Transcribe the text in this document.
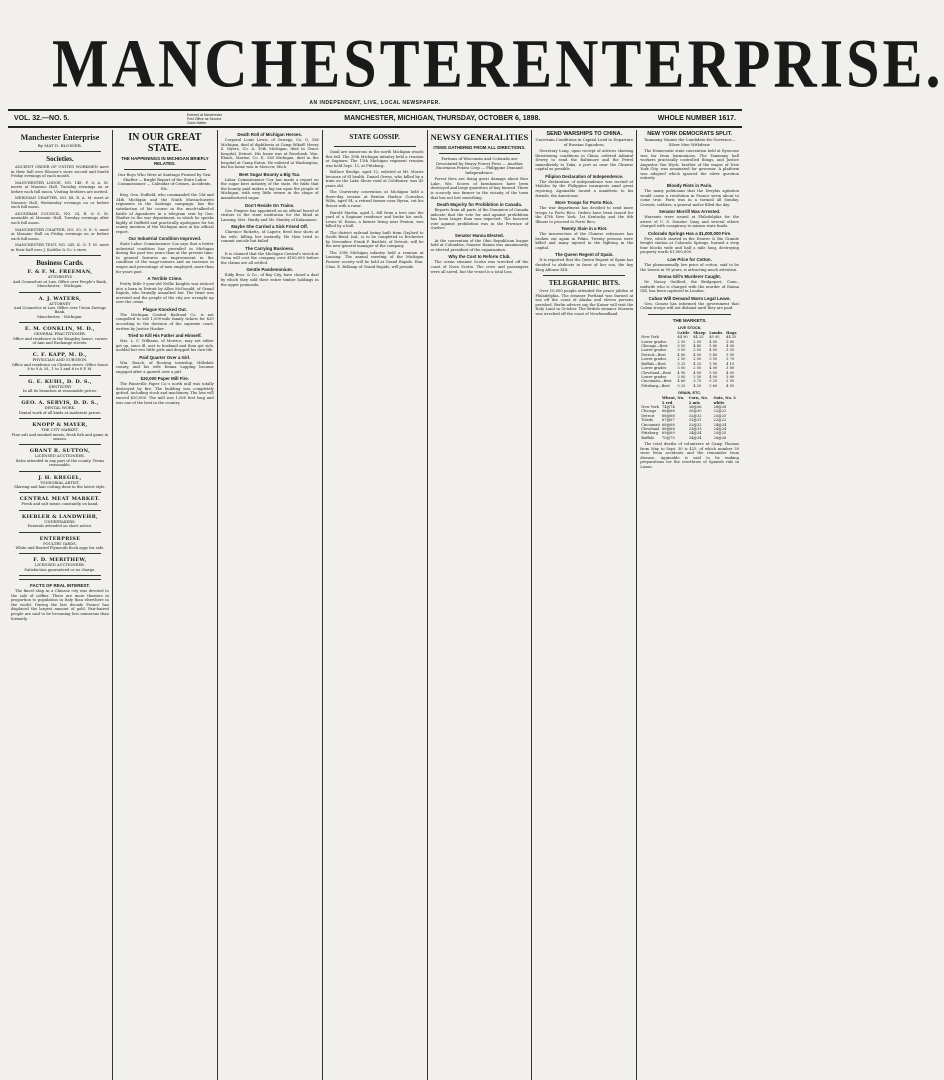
MANCHESTER ENTERPRISE.
AN INDEPENDENT, LIVE, LOCAL NEWSPAPER.
VOL. 32.—NO. 5.
Entered at Manchester Post Office as Second Class Matter.
MANCHESTER, MICHIGAN, THURSDAY, OCTOBER 6, 1898.	WHOLE NUMBER 1617.
Manchester Enterprise
By MAT D. BLOSSER.
Societies.

ANCIENT ORDER OF UNITED WORKMEN meet in their hall over Blosser's store second and fourth Friday evenings of each month.

MANCHESTER LODGE, NO. 148, F. & A. M. meets at Masonic Hall, Tuesday evenings on or before each full moon. Visiting brothers are invited.

MERIDIAN CHAPTER, NO. 48, R. A. M. meet at Masonic Hall, Wednesday evenings on or before each full moon.

ADONIRAM COUNCIL, NO. 24, R. & S. M. assemble at Masonic Hall, Tuesday evenings after each full moon.

MANCHESTER CHAPTER, NO. 50, O. E. S. meet at Masonic Hall on Friday evenings on or before each full moon.

MANCHESTER TENT, NO. 249, K. O. T. M. meet in their hall over J. Koebbe & Co.'s store.

Business Cards.
F. & F. M. FREEMAN,
ATTORNEYS
And Counselors at Law. Office over People's Bank,
Manchester, - Michigan.
A. J. WATERS,
ATTORNEY
And Counselor at Law. Office over Union Savings Bank,
Manchester, - Michigan.
E. M. CONKLIN, M. D.,
GENERAL PRACTITIONER.
Office and residence in the Kingsley house, corner of Ann and Exchange streets.
C. F. KAPP, M. D.,
PHYSICIAN AND SURGEON.
Office and residence on Clinton street. Office hours 8 to 9 A. M., 1 to 3 and 6 to 8 P. M.
G. E. KUHL, D. D. S.,
DENTISTRY
In all its branches at reasonable prices.
GEO. A. SERVIS, D. D. S.,
DENTAL WORK.
Dental work of all kinds at moderate prices.
KNOPP & MAYER,
THE CITY MARKET.
Fine salt and smoked meats, fresh fish and game in season.
GRANT R. SUTTON,
LICENSED AUCTIONEER.
Sales attended in any part of the county. Terms reasonable.
J. H. KREGEL,
TONSORIAL ARTIST.
Shaving and hair cutting done in the latest style.
CENTRAL MEAT MARKET.
Fresh and salt meats constantly on hand.
KIEBLER & LANDWEHR,
UNDERTAKERS.
Funerals attended on short notice.
ENTERPRISE
POULTRY YARDS.
White and Barred Plymouth Rock eggs for sale.
F. D. MERITHEW,
LICENSED AUCTIONEER.
Satisfaction guaranteed or no charge.
FACTS OF REAL INTEREST.

The finest shop in a Chinese city was devoted to the sale of coffins. There are more theaters in proportion to population in Italy than elsewhere in the world. During the last decade France has displaced the largest amount of gold. Fair-haired people are said to be becoming less numerous than formerly.

IN OUR GREAT STATE.
THE HAPPENINGS IN MICHIGAN BRIEFLY RELATED.

Our Boys Who Were at Santiago Praised by Gen. Shafter — Bright Report of the State Labor Commissioner — Calendar of Crimes, Accidents, Etc.

Brig. Gen. Duffield, who commanded the 33d and 34th Michigan and the Ninth Massachusetts regiments in the Santiago campaign, has the satisfaction of his course in the much-talked-of battle of Aguadores in a telegram sent by Gen. Shafter to the war department, in which he speaks highly of Duffield and practically apologizes for his scanty mention of the Michigan men in his official report.

Our Industrial Condition Improved.

State Labor Commissioner Cox says that a better industrial condition has prevailed in Michigan during the past two years than at the present time. In general features an improvement in the condition of the wage-earners and an increase in wages and percentage of men employed, more than for years past.

A Terrible Crime.

Pretty little 5-year-old Nellie Knights was enticed into a barn in Detroit by Allen McDonald, of Grand Rapids, who brutally assaulted her. The fiend was arrested and the people of the city are wrought up over the crime.

Plague Knocked Out.

The Michigan Central Railroad Co. is not compelled to sell 1,000-mile family tickets for $20 according to the decision of the supreme court, written by Justice Hooker.

Tried to Kill His Father and Himself.

Mrs. L. C. Williams, of Morrice, may not either get up, since ill, met to husband and then got sick, nodded her two little girls and dropped his own life.

Paid Quarter Over a Girl.

Wm. Roach, of Rooting township, Hillsdale county, and his wife Emma Lapping became engaged after a quarrel over a girl.

$20,000 Paper Mill Fire.

The Paineville Paper Co.'s north mill was totally destroyed by fire. The building was completely gutted, including stock and machinery. The loss will exceed $20,000. The mill was 1,000 feet long and was one of the best in the country.

Death Roll of Michigan Heroes.

Corporal Louis Lewis, of Oswego, Co. G, 33d Michigan, died of diphtheria at Camp Wikoff. Henry S. Myers, Co. A, 35th Michigan, died in Grace hospital, Detroit. His home was at Rosebush. Wm. Ebach, Marine, Co. E, 33d Michigan, died in the hospital at Camp Eaton. He enlisted at Washington, but his home was in Moscow, Mich.

Beet Sugar Bounty a Big Tax.

Labor Commissioner Cox has made a report on the sugar beet industry of the state. He finds that the bounty paid makes a big tax upon the people of Michigan, with very little return in the shape of manufactured sugar.

Don't Reside On Trains.

Gov. Pingree has appointed as an official board of visitors to the state institution for the blind at Lansing, Mrs. Hardy and Mr. Stanley of Kalamazoo.

Maybe She Carried a Sick Friend Off.

Clarence Ricketts, of Lapeer, fired four shots at his wife, killing her instantly. He then tried to commit suicide but failed.

The Carrying Business.

It is claimed that the Michigan Central's wreck at Orion will cost the company over $100,000 before the claims are all settled.

Gentle Pandemonium.

Eddy Bros. & Co., of Bay City, have closed a deal by which they sold their entire timber holdings in the upper peninsula.

STATE GOSSIP.

Quail are numerous in the north Michigan woods this fall. The 35th Michigan infantry held a reunion at Saginaw. The 11th Michigan regiment reunion was held Sept. 13, at Pittsburg.

Wallace Brodge, aged 12, enlisted at Mt. Morris because of ill health. Daniel Green, who killed by a train on the Lake Shore road at Coldwater, was 45 years old.

The University convention at Michigan held a three-day session at Benton Harbor. Cornelius Wilts, aged 94, a retired farmer near Byron, cut his throat with a razor.

Harold Martin, aged 5, fell from a tree into the yard of a Saginaw residence and broke his neck. Lewis W. Eaton, a farmer living near Fenton, was killed by a bull.

The district railroad being built from Gaylord to South Bend, Ind., is to be completed to Rochester by November. Frank P. Bartlett, of Detroit, will be the new general manager of the company.

The 35th Michigan infantry held a reunion at Lansing. The annual meeting of the Michigan Pioneer society will be held at Grand Rapids. Hon. Chas. E. Belknap of Grand Rapids, will preside.

NEWSY GENERALITIES
ITEMS GATHERED FROM ALL DIRECTIONS.

Portions of Wisconsin and Colorado are Devastated by Heavy Forest Fires — Another Enormous Potato Crop — Philippine Demand Independence.

Forest fires are doing great damage about Rice Lake, Wis. Scores of farmhouses have been destroyed and large quantities of hay burned. There is scarcely one farmer in the vicinity of the town that has not lost something.

Death Majority for Prohibition in Canada.

Reports from all parts of the Dominion of Canada indicate that the vote for and against prohibition has been larger than was expected. The heaviest vote against prohibition was in the Province of Quebec.

Senator Hanna Elected.

At the convention of the Ohio Republican league held at Columbus, Senator Hanna was unanimously re-elected president of the organization.

Why the Cost to Reform Club.

The ocean steamer Scotia was wrecked off the coast of Nova Scotia. The crew and passengers were all saved, but the vessel is a total loss.

SEND WARSHIPS TO CHINA.

Uncertain Conditions in Capital Lead to Departure of Russian Squadron.

Secretary Long, upon receipt of advices showing threatening conditions in China, ordered Admiral Dewey to send the Baltimore and the Petrel immediately to Taku, a port as near the Chinese capital as possible.

Filipino Declaration of Independence.

The declaration of independence was recited at Malolos by the Philippine insurgents amid great rejoicing. Aguinaldo issued a manifesto to his friends, the Americans.

More Troops for Porto Rico.

The war department has decided to send more troops to Porto Rico. Orders have been issued for the 47th New York, 1st Kentucky and the 6th Illinois to proceed to Porto Rico.

Twenty Slain in a Riot.

The insurrection of the Chinese reformers has broken out again in Pekin. Twenty persons were killed and many injured in the fighting in the capital.

The Queen Regent of Spain.

It is reported that the Queen Regent of Spain has decided to abdicate in favor of her son, the boy King Alfonso XIII.

TELEGRAPHIC BITS.

Over 10,000 people attended the peace jubilee at Philadelphia. The steamer Portland was burned at sea off the coast of Alaska and eleven persons perished. Berlin advices say the Kaiser will visit the Holy Land in October. The British steamer Moravia was wrecked off the coast of Newfoundland.

NEW YORK DEMOCRATS SPLIT.

Tammany Names the Candidate for Governor—Silver Men Withdraw.

The Democratic state convention held at Syracuse was far from harmonious. The Tammany hall workers practically controlled things, and Justice Augustus Van Wyck, brother of the mayor of New York City, was nominated for governor. A platform was adopted which ignored the silver question entirely.

Bloody Riots in Paris.

The many politicians that the Dreyfus agitation would cause a revolution in France seem about to come true. Paris was in a turmoil all Sunday. Crowds, soldiers, a general melee filled the day.

Senator Morrill Was Arrested.

Warrants were issued at Philadelphia for the arrest of U. S. Senator Quay and several others charged with conspiracy to misuse state funds.

Colorado Springs Has a $1,000,000 Fire.

Fire, which started in the Denver & Rio Grande freight station at Colorado Springs, burned a strip four blocks wide and half a mile long, destroying property worth $1,000,000.

Low Price for Cotton.

The phenomenally low price of cotton, said to be the lowest in 50 years, is attracting much attention.

Emma Gill's Murderer Caught.

Dr. Nancy Guilford, the Bridgeport, Conn., midwife who is charged with the murder of Emma Gill, has been captured in London.

Cuban Will Demand Warm Legal Leave.

Gen. Gomez has informed the government that Cuban troops will not disband until they are paid.

THE MARKETS.
LIVE STOCK.
	Cattle	Sheep	Lambs	Hogs
New York	$4 90	$4 25	$5 95	$4 25
Lower grades	2 50	2 50	4 00	3 80
Chicago—Best	5 50	4 40	5 80	4 00
Lower grades	3 50	2 50	4 00	3 55
Detroit—Best	4 80	4 00	5 40	3 95
Lower grades	2 50	2 50	3 50	3 70
Buffalo—Best	5 25	4 25	5 90	4 10
Lower grades	3 00	2 50	4 00	3 80
Cleveland—Best	4 90	4 00	5 50	4 00
Lower grades	3 00	2 50	4 00	3 80
Cincinnati—Best	4 60	3 75	5 25	3 95
Pittsburg—Best	5 25	4 20	5 60	4 05
GRAIN, ETC.
	Wheat, No. 2 red	Corn, No. 2 mix	Oats, No. 2 white
New York	74@74	36@36	28@28
Chicago	66@66	30@30	22@22
Detroit	68@68	32@32	25@25
Toledo	67@67	31@31	22@22
Cincinnati	68@68	32@32	24@24
Cleveland	68@68	33@33	24@24
Pittsburg	69@69	34@34	25@25
Buffalo	70@70	34@34	26@26

The total deaths of volunteers at Camp Thomas from May to Sept. 30 is 425, of which number 39 were from accidents and the remainder from disease. Aguinaldo is said to be making preparations for the overthrow of Spanish rule in Luzon.
